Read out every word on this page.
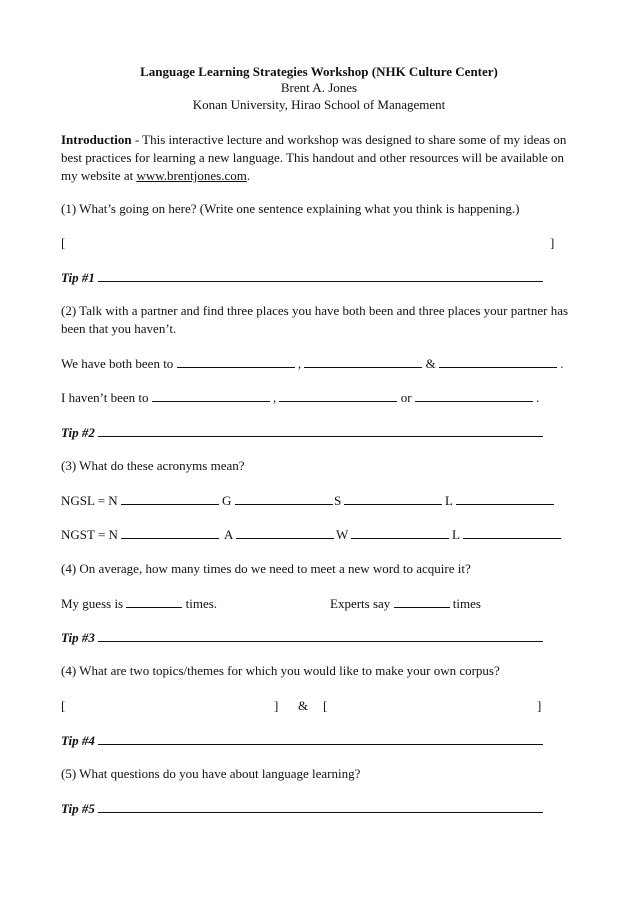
Language Learning Strategies Workshop (NHK Culture Center)
Brent A. Jones
Konan University, Hirao School of Management
Introduction - This interactive lecture and workshop was designed to share some of my ideas on best practices for learning a new language. This handout and other resources will be available on my website at www.brentjones.com.
(1) What’s going on here? (Write one sentence explaining what you think is happening.)
[	]
Tip #1
(2) Talk with a partner and find three places you have both been and three places your partner has been that you haven’t.
We have both been to	,	&	.
I haven’t been to	,	or	.
Tip #2
(3) What do these acronyms mean?
NGSL = N	G	S	L
NGST = N	A	W	L
(4) On average, how many times do we need to meet a new word to acquire it?
My guess is	times.	Experts say	times
Tip #3
(4) What are two topics/themes for which you would like to make your own corpus?
[	] & [	]
Tip #4
(5) What questions do you have about language learning?
Tip #5
